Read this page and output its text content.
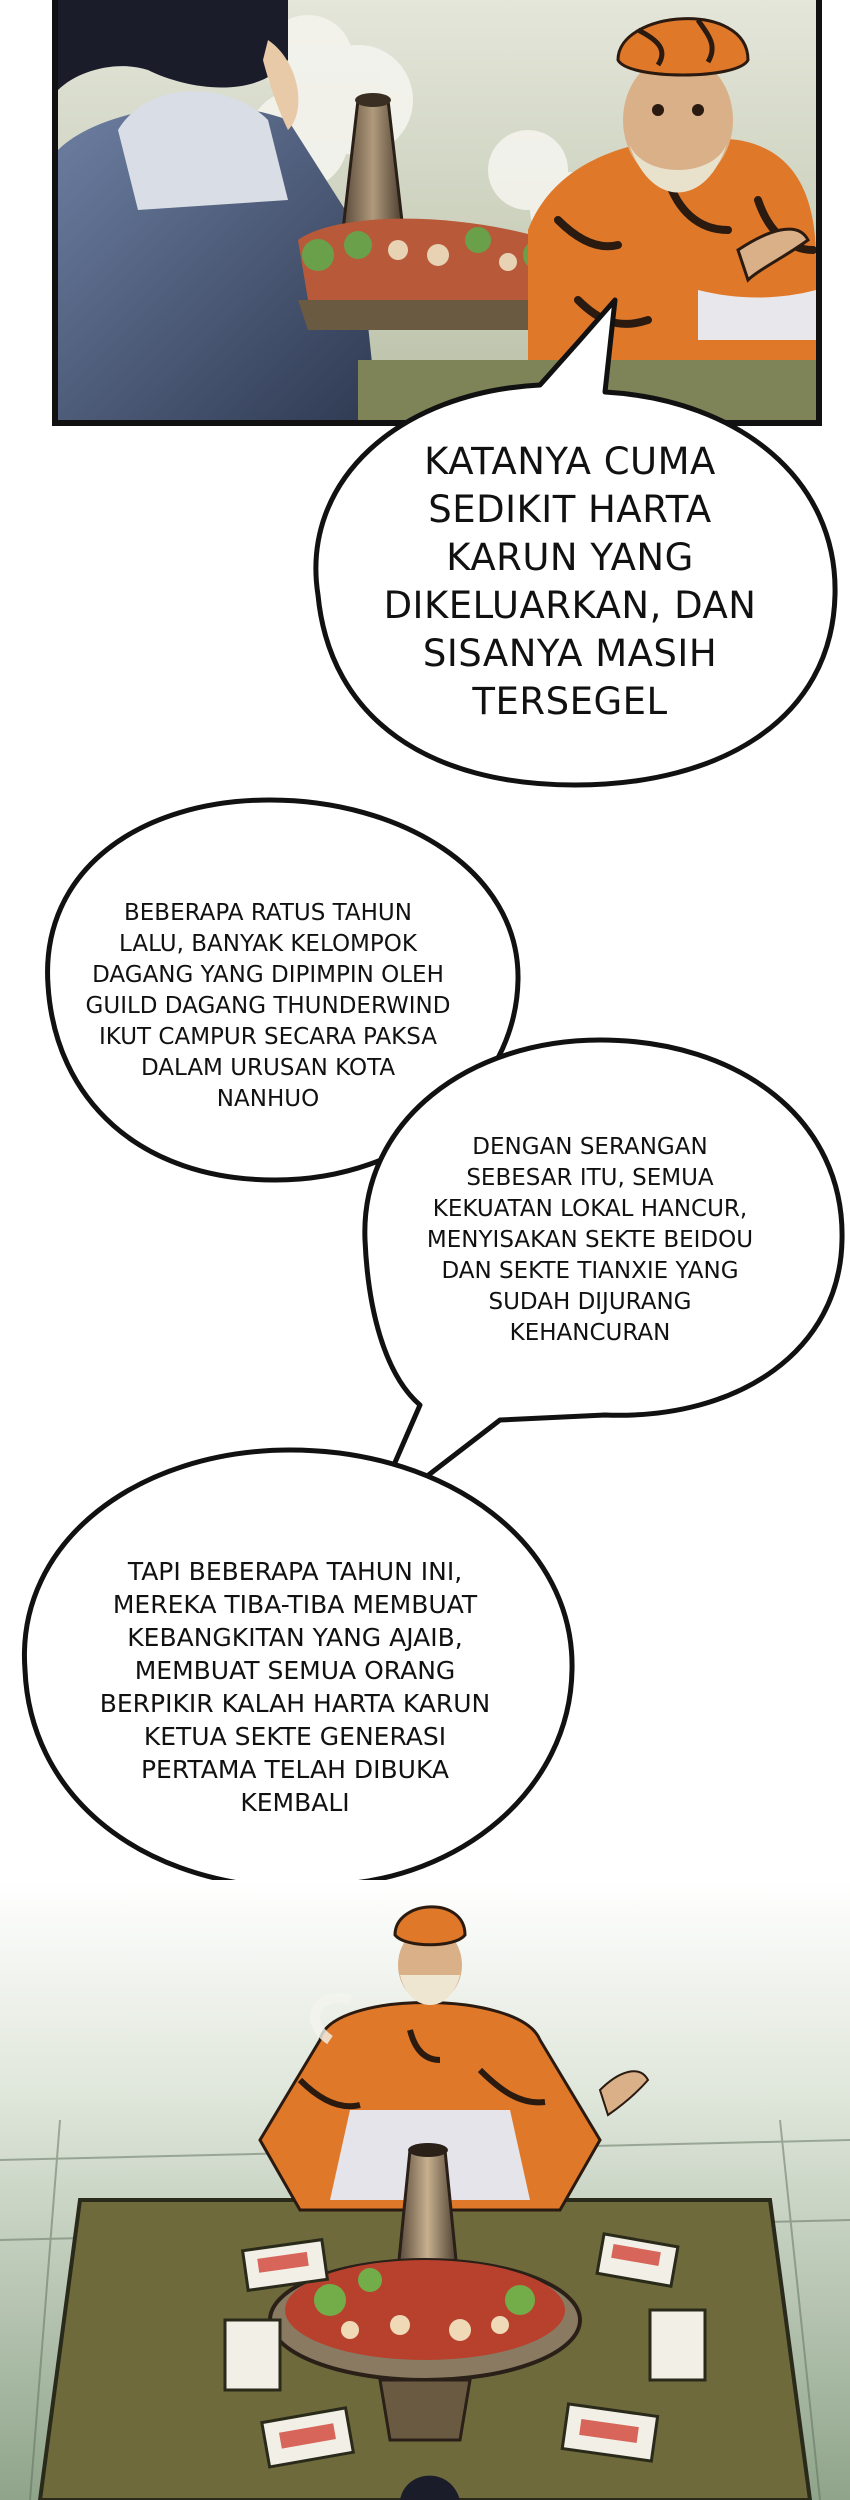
KATANYA CUMA
SEDIKIT HARTA
KARUN YANG
DIKELUARKAN, DAN
SISANYA MASIH
TERSEGEL
BEBERAPA RATUS TAHUN
LALU, BANYAK KELOMPOK
DAGANG YANG DIPIMPIN OLEH
GUILD DAGANG THUNDERWIND
IKUT CAMPUR SECARA PAKSA
DALAM URUSAN KOTA
NANHUO
DENGAN SERANGAN
SEBESAR ITU, SEMUA
KEKUATAN LOKAL HANCUR,
MENYISAKAN SEKTE BEIDOU
DAN SEKTE TIANXIE YANG
SUDAH DIJURANG
KEHANCURAN
TAPI BEBERAPA TAHUN INI,
MEREKA TIBA-TIBA MEMBUAT
KEBANGKITAN YANG AJAIB,
MEMBUAT SEMUA ORANG
BERPIKIR KALAH HARTA KARUN
KETUA SEKTE GENERASI
PERTAMA TELAH DIBUKA
KEMBALI
